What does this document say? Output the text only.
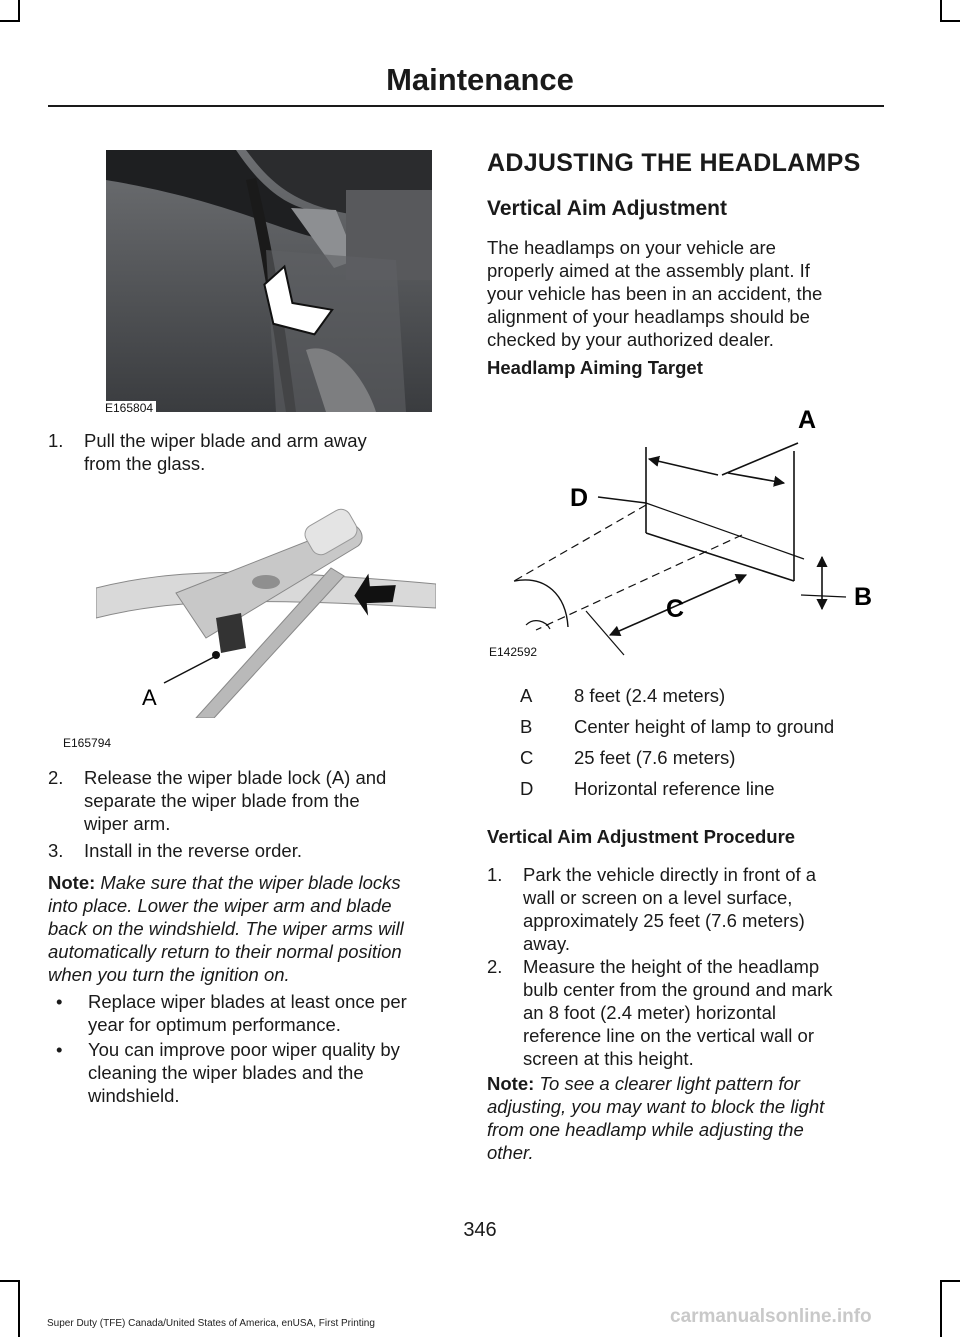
Maintenance
E165804
1. Pull the wiper blade and arm away
from the glass.
A
E165794
2. Release the wiper blade lock (A) and
separate the wiper blade from the
wiper arm.
3. Install in the reverse order.
Note: Make sure that the wiper blade locks
into place. Lower the wiper arm and blade
back on the windshield. The wiper arms will
automatically return to their normal position
when you turn the ignition on.
• Replace wiper blades at least once per
year for optimum performance.
• You can improve poor wiper quality by
cleaning the wiper blades and the
windshield.
ADJUSTING THE HEADLAMPS
Vertical Aim Adjustment
The headlamps on your vehicle are
properly aimed at the assembly plant. If
your vehicle has been in an accident, the
alignment of your headlamps should be
checked by your authorized dealer.
Headlamp Aiming Target
A
D
B
C
E142592
A 8 feet (2.4 meters)
B Center height of lamp to ground
C 25 feet (7.6 meters)
D Horizontal reference line
Vertical Aim Adjustment Procedure
1. Park the vehicle directly in front of a
wall or screen on a level surface,
approximately 25 feet (7.6 meters)
away.
2. Measure the height of the headlamp
bulb center from the ground and mark
an 8 foot (2.4 meter) horizontal
reference line on the vertical wall or
screen at this height.
Note: To see a clearer light pattern for
adjusting, you may want to block the light
from one headlamp while adjusting the
other.
346
Super Duty (TFE) Canada/United States of America, enUSA, First Printing	carmanualsonline.info
